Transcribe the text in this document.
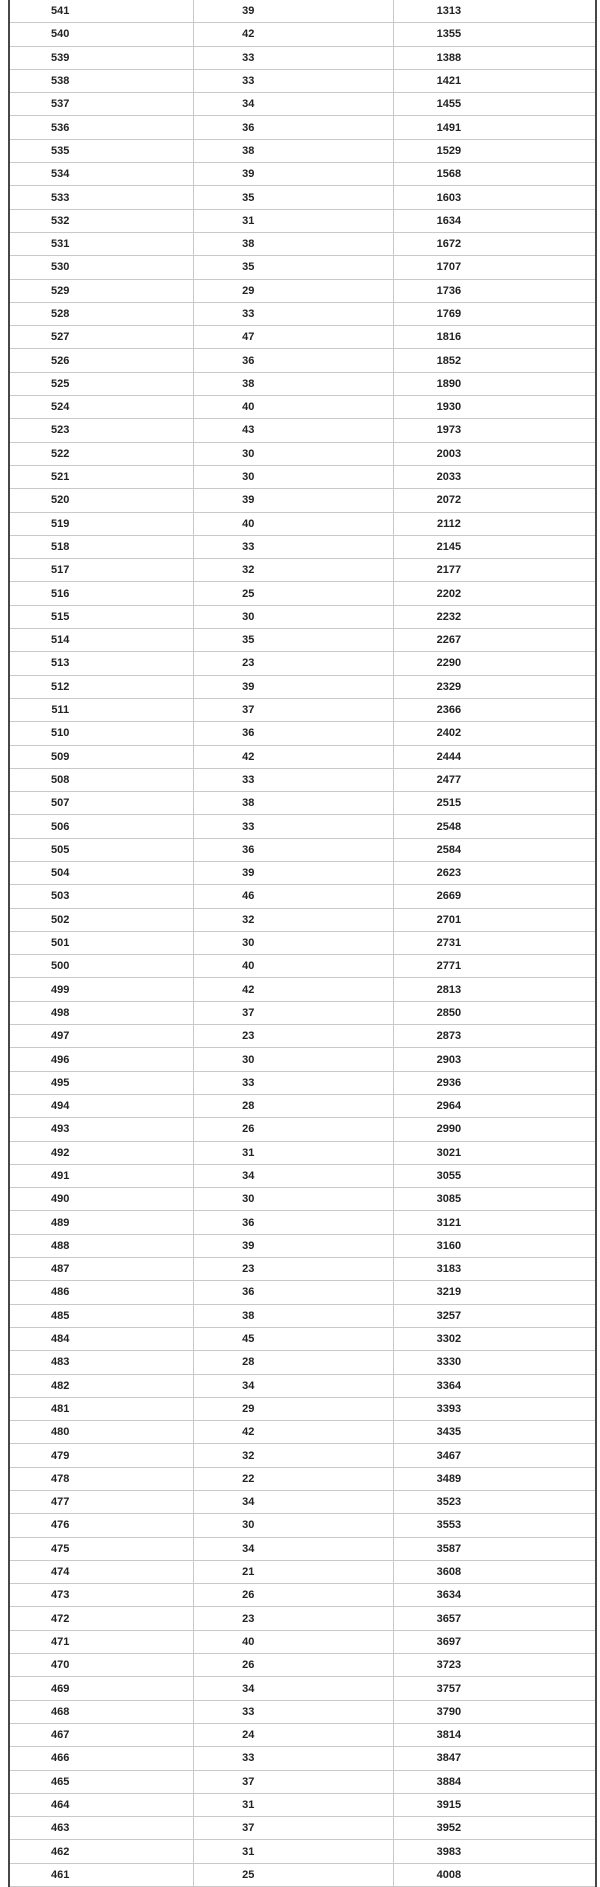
541	39	1313

540	42	1355

539	33	1388

538	33	1421

537	34	1455

536	36	1491

535	38	1529

534	39	1568

533	35	1603

532	31	1634

531	38	1672

530	35	1707

529	29	1736

528	33	1769

527	47	1816

526	36	1852

525	38	1890

524	40	1930

523	43	1973

522	30	2003

521	30	2033

520	39	2072

519	40	2112

518	33	2145

517	32	2177

516	25	2202

515	30	2232

514	35	2267

513	23	2290

512	39	2329

511	37	2366

510	36	2402

509	42	2444

508	33	2477

507	38	2515

506	33	2548

505	36	2584

504	39	2623

503	46	2669

502	32	2701

501	30	2731

500	40	2771

499	42	2813

498	37	2850

497	23	2873

496	30	2903

495	33	2936

494	28	2964

493	26	2990

492	31	3021

491	34	3055

490	30	3085

489	36	3121

488	39	3160

487	23	3183

486	36	3219

485	38	3257

484	45	3302

483	28	3330

482	34	3364

481	29	3393

480	42	3435

479	32	3467

478	22	3489

477	34	3523

476	30	3553

475	34	3587

474	21	3608

473	26	3634

472	23	3657

471	40	3697

470	26	3723

469	34	3757

468	33	3790

467	24	3814

466	33	3847

465	37	3884

464	31	3915

463	37	3952

462	31	3983

461	25	4008
